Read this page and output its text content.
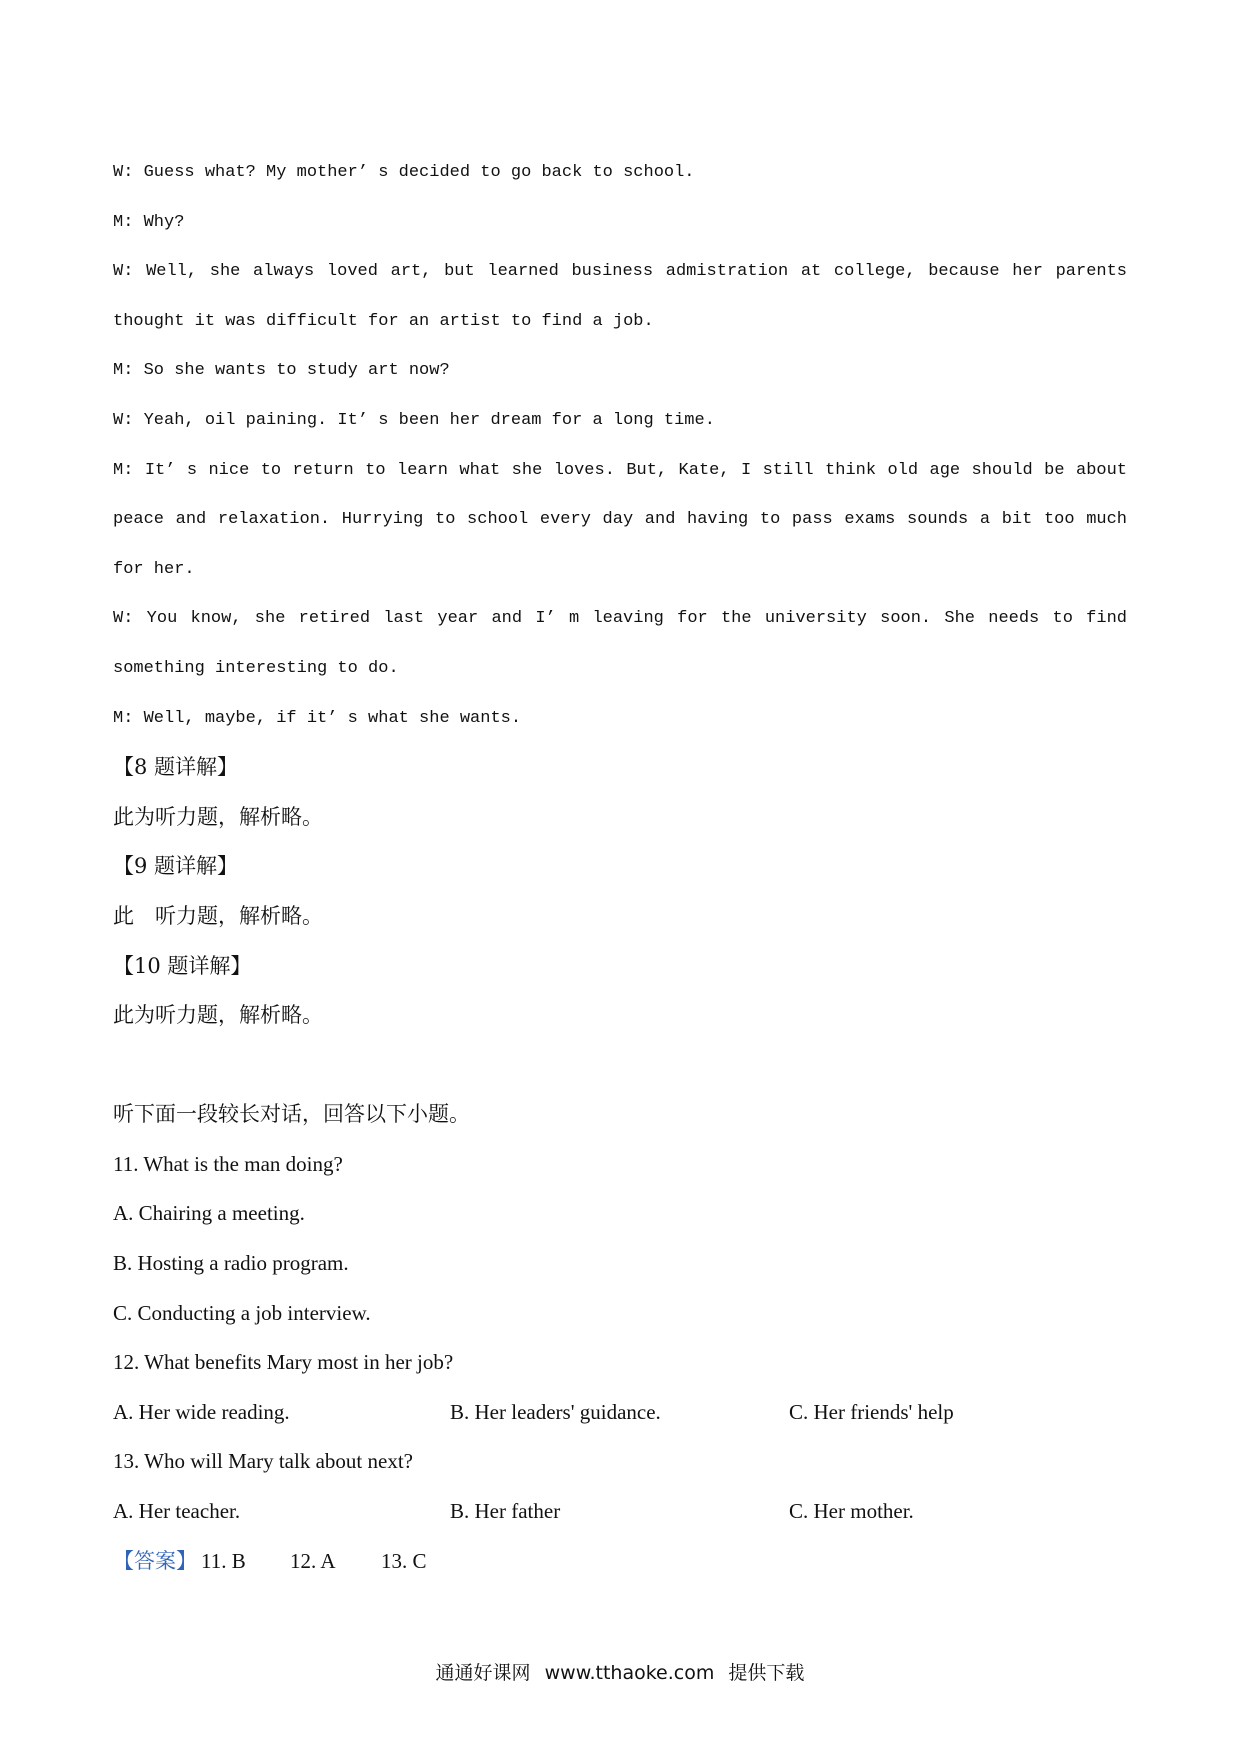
W: Guess what? My mother’ s decided to go back to school.
M: Why?
W: Well, she always loved art, but learned business admistration at college, because her parents
thought it was difficult for an artist to find a job.
M: So she wants to study art now?
W: Yeah, oil paining. It’ s been her dream for a long time.
M: It’ s nice to return to learn what she loves. But, Kate, I still think old age should be about
peace and relaxation. Hurrying to school every day and having to pass exams sounds a bit too much
for her.
W: You know, she retired last year and I’ m leaving for the university soon. She needs to find
something interesting to do.
M: Well, maybe, if it’ s what she wants.
【8 题详解】
此为听力题，解析略。
【9 题详解】
此　听力题，解析略。
【10 题详解】
此为听力题，解析略。
听下面一段较长对话，回答以下小题。
11. What is the man doing?
A. Chairing a meeting.
B. Hosting a radio program.
C. Conducting a job interview.
12. What benefits Mary most in her job?
A. Her wide reading.	B. Her leaders' guidance.	C. Her friends' help
13. Who will Mary talk about next?
A. Her teacher.	B. Her father	C. Her mother.
【答案】 11. B 12. A 13. C
通通好课网 www.tthaoke.com 提供下载
